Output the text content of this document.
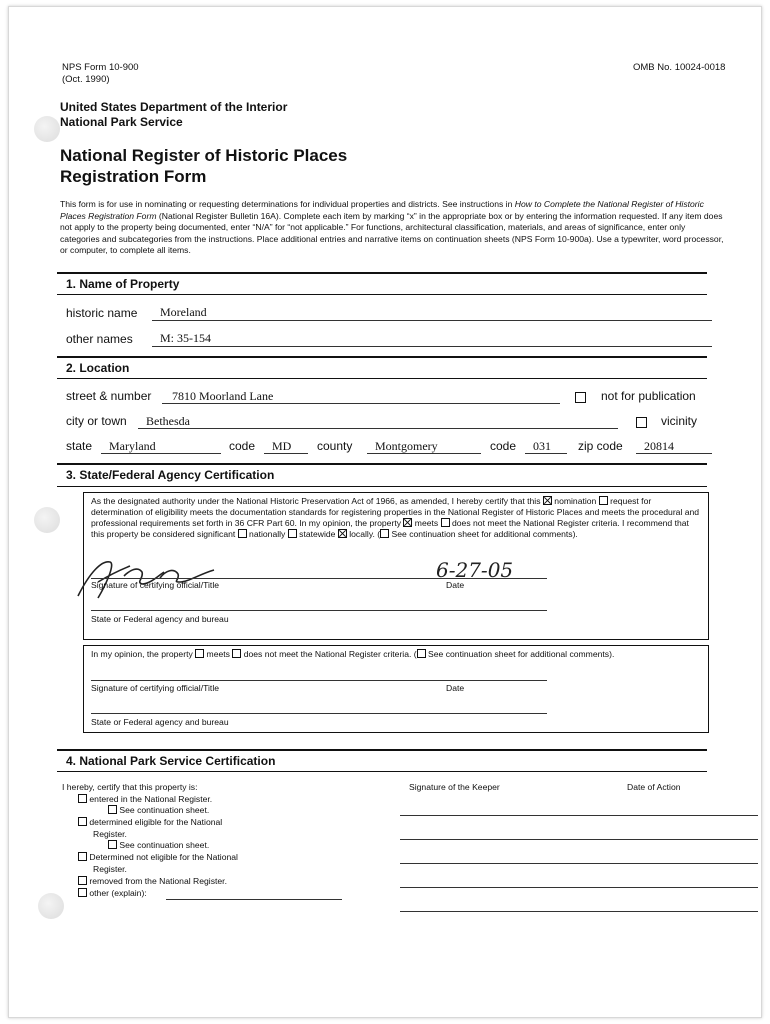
NPS Form 10-900
(Oct. 1990)
OMB No. 10024-0018
United States Department of the Interior
National Park Service
National Register of Historic Places
Registration Form
This form is for use in nominating or requesting determinations for individual properties and districts. See instructions in How to Complete the National Register of Historic Places Registration Form (National Register Bulletin 16A). Complete each item by marking “x” in the appropriate box or by entering the information requested. If any item does not apply to the property being documented, enter “N/A” for “not applicable.” For functions, architectural classification, materials, and areas of significance, enter only categories and subcategories from the instructions. Place additional entries and narrative items on continuation sheets (NPS Form 10-900a). Use a typewriter, word processor, or computer, to complete all items.
1. Name of Property
historic name Moreland
other names M: 35-154
2. Location
street & number 7810 Moorland Lane	not for publication
city or town Bethesda	vicinity
state Maryland	code MD county Montgomery	code 031 zip code 20814
3. State/Federal Agency Certification
As the designated authority under the National Historic Preservation Act of 1966, as amended, I hereby certify that this nomination request for determination of eligibility meets the documentation standards for registering properties in the National Register of Historic Places and meets the procedural and professional requirements set forth in 36 CFR Part 60. In my opinion, the property meets does not meet the National Register criteria. I recommend that this property be considered significant nationally statewide locally. ( See continuation sheet for additional comments).
6-27-05
Signature of certifying official/Title	Date
State or Federal agency and bureau
In my opinion, the property meets does not meet the National Register criteria. ( See continuation sheet for additional comments).
Signature of certifying official/Title	Date
State or Federal agency and bureau
4. National Park Service Certification
I hereby, certify that this property is:	Signature of the Keeper	Date of Action
entered in the National Register.
See continuation sheet.
determined eligible for the National
Register.
See continuation sheet.
Determined not eligible for the National
Register.
removed from the National Register.
other (explain):
